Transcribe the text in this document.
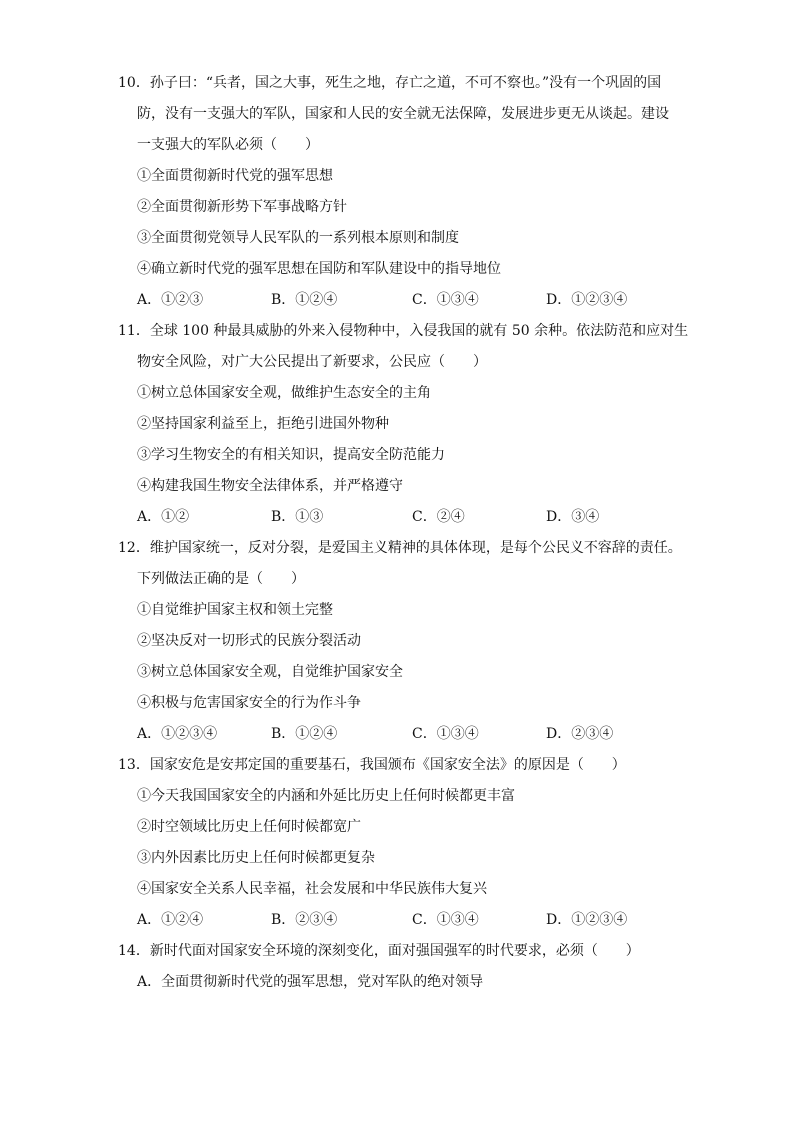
10．孙子曰：“兵者，国之大事，死生之地，存亡之道，不可不察也。”没有一个巩固的国
防，没有一支强大的军队，国家和人民的安全就无法保障，发展进步更无从谈起。建设
一支强大的军队必须（　　）
①全面贯彻新时代党的强军思想
②全面贯彻新形势下军事战略方针
③全面贯彻党领导人民军队的一系列根本原则和制度
④确立新时代党的强军思想在国防和军队建设中的指导地位
A．①②③	B．①②④	C．①③④	D．①②③④
11．全球 100 种最具威胁的外来入侵物种中，入侵我国的就有 50 余种。依法防范和应对生
物安全风险，对广大公民提出了新要求，公民应（　　）
①树立总体国家安全观，做维护生态安全的主角
②坚持国家利益至上，拒绝引进国外物种
③学习生物安全的有相关知识，提高安全防范能力
④构建我国生物安全法律体系，并严格遵守
A．①②	B．①③	C．②④	D．③④
12．维护国家统一，反对分裂，是爱国主义精神的具体体现，是每个公民义不容辞的责任。
下列做法正确的是（　　）
①自觉维护国家主权和领土完整
②坚决反对一切形式的民族分裂活动
③树立总体国家安全观，自觉维护国家安全
④积极与危害国家安全的行为作斗争
A．①②③④	B．①②④	C．①③④	D．②③④
13．国家安危是安邦定国的重要基石，我国颁布《国家安全法》的原因是（　　）
①今天我国国家安全的内涵和外延比历史上任何时候都更丰富
②时空领域比历史上任何时候都宽广
③内外因素比历史上任何时候都更复杂
④国家安全关系人民幸福，社会发展和中华民族伟大复兴
A．①②④	B．②③④	C．①③④	D．①②③④
14．新时代面对国家安全环境的深刻变化，面对强国强军的时代要求，必须（　　）
A．全面贯彻新时代党的强军思想，党对军队的绝对领导
